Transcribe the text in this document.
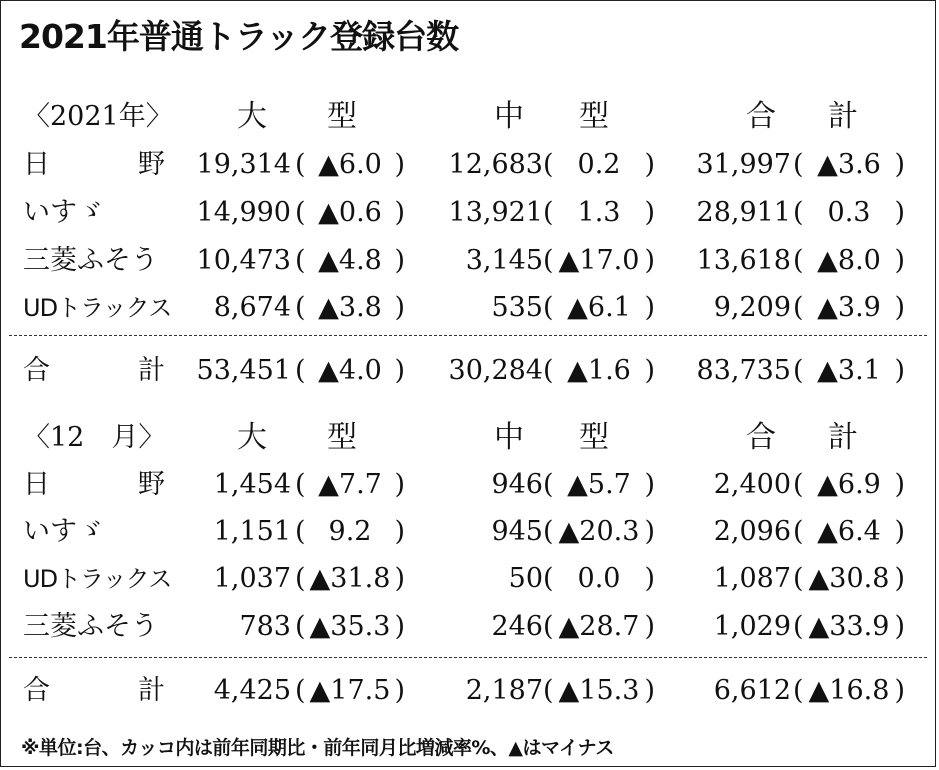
2021年普通トラック登録台数
〈2021年〉 大 型	中 型	合 計
日	野	19,314 ( ▲6.0 )	12,683 ( 0.2 )	31,997 ( ▲3.6 )
いすゞ	14,990 ( ▲0.6 )	13,921 ( 1.3 )	28,911 ( 0.3 )
三菱ふそう	10,473 ( ▲4.8 )	3,145 ( ▲17.0 )	13,618 ( ▲8.0 )
UDトラックス	8,674 ( ▲3.8 )	535 ( ▲6.1 )	9,209 ( ▲3.9 )
合	計	53,451 ( ▲4.0 )	30,284 ( ▲1.6 )	83,735 ( ▲3.1 )
〈12　月〉 大 型	中 型	合 計
日	野	1,454 ( ▲7.7 )	946 ( ▲5.7 )	2,400 ( ▲6.9 )
いすゞ	1,151 ( 9.2 )	945 ( ▲20.3 )	2,096 ( ▲6.4 )
UDトラックス	1,037 ( ▲31.8 )	50 ( 0.0 )	1,087 ( ▲30.8 )
三菱ふそう	783 ( ▲35.3 )	246 ( ▲28.7 )	1,029 ( ▲33.9 )
合	計	4,425 ( ▲17.5 )	2,187 ( ▲15.3 )	6,612 ( ▲16.8 )
※単位:台、カッコ内は前年同期比・前年同月比増減率%、▲はマイナス
